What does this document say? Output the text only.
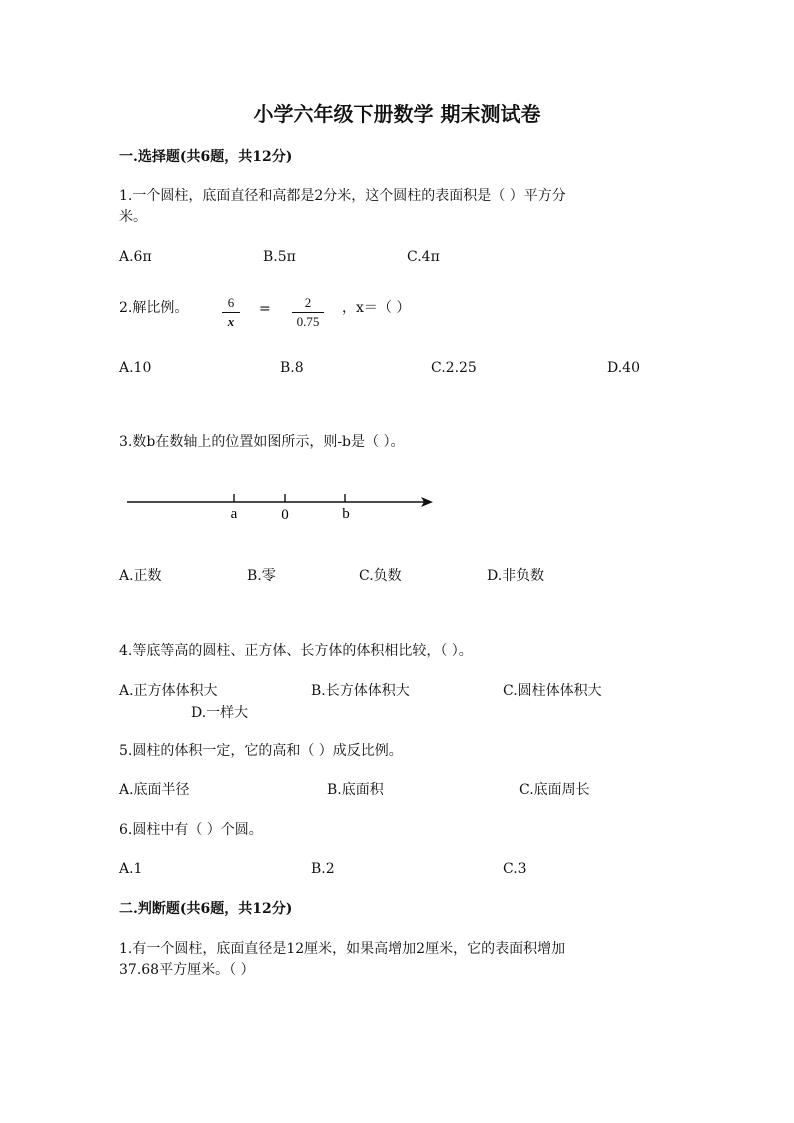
小学六年级下册数学 期末测试卷
一.选择题(共6题，共12分)
1.一个圆柱，底面直径和高都是2分米，这个圆柱的表面积是（ ）平方分
米。
A.6π	B.5π	C.4π
2.解比例。	6
x
=	2
0.75
，x＝（ ）
A.10	B.8	C.2.25	D.40
3.数b在数轴上的位置如图所示，则-b是（ ）。
a	0	b
A.正数	B.零	C.负数	D.非负数
4.等底等高的圆柱、正方体、长方体的体积相比较，（ ）。
A.正方体体积大	B.长方体体积大	C.圆柱体体积大
D.一样大
5.圆柱的体积一定，它的高和（ ）成反比例。
A.底面半径	B.底面积	C.底面周长
6.圆柱中有（ ）个圆。
A.1	B.2	C.3
二.判断题(共6题，共12分)
1.有一个圆柱，底面直径是12厘米，如果高增加2厘米，它的表面积增加
37.68平方厘米。（ ）
